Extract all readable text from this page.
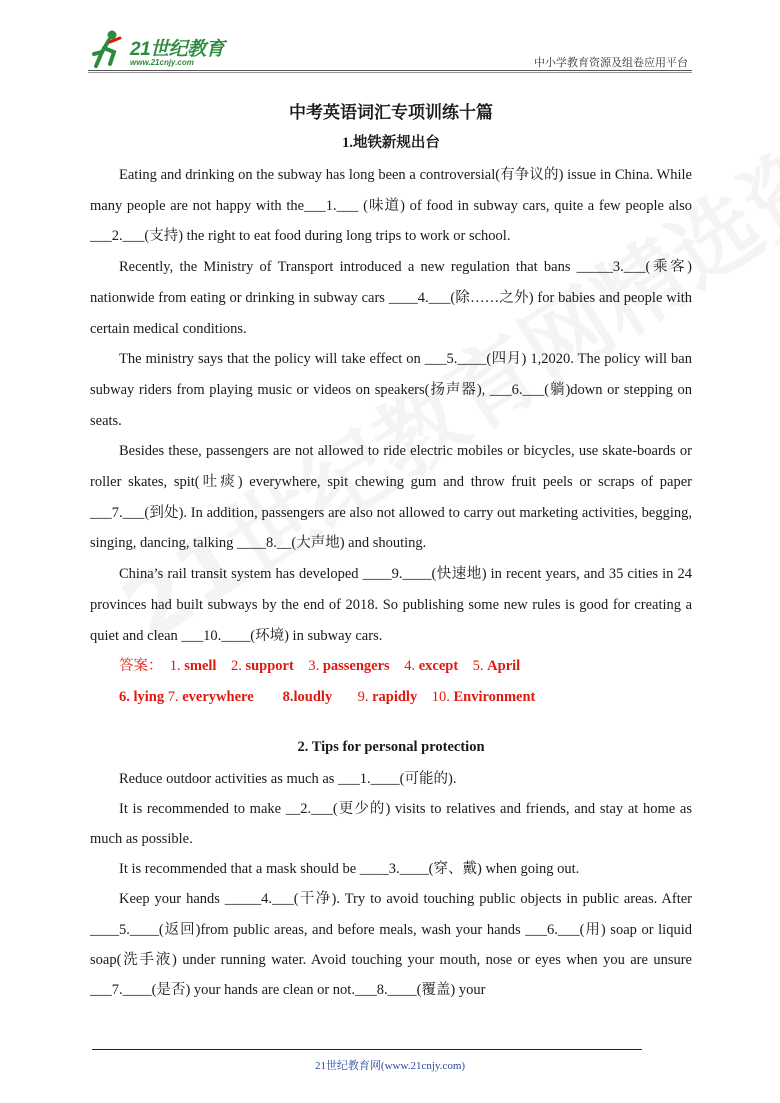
21世纪教育
www.21cnjy.com	中小学教育资源及组卷应用平台
中考英语词汇专项训练十篇
1.地铁新规出台

Eating and drinking on the subway has long been a controversial(有争议的) issue in China. While many people are not happy with the___1.___ (味道) of food in subway cars, quite a few people also ___2.___(支持) the right to eat food during long trips to work or school.

Recently, the Ministry of Transport introduced a new regulation that bans _____3.___(乘客) nationwide from eating or drinking in subway cars ____4.___(除……之外) for babies and people with certain medical conditions.

The ministry says that the policy will take effect on ___5.____(四月) 1,2020. The policy will ban subway riders from playing music or videos on speakers(扬声器), ___6.___(躺)down or stepping on seats.

Besides these, passengers are not allowed to ride electric mobiles or bicycles, use skate-boards or roller skates, spit(吐痰) everywhere, spit chewing gum and throw fruit peels or scraps of paper ___7.___(到处). In addition, passengers are also not allowed to carry out marketing activities, begging, singing, dancing, talking ____8.__(大声地) and shouting.

China’s rail transit system has developed ____9.____(快速地) in recent years, and 35 cities in 24 provinces had built subways by the end of 2018. So publishing some new rules is good for creating a quiet and clean ___10.____(环境) in subway cars.

答案： 1. smell 2. support 3. passengers 4. except 5. April

6. lying 7. everywhere 8.loudly 9. rapidly 10. Environment

2. Tips for personal protection

Reduce outdoor activities as much as ___1.____(可能的).

It is recommended to make __2.___(更少的) visits to relatives and friends, and stay at home as much as possible.

It is recommended that a mask should be ____3.____(穿、戴) when going out.

Keep your hands _____4.___(干净). Try to avoid touching public objects in public areas. After ____5.____(返回)from public areas, and before meals, wash your hands ___6.___(用) soap or liquid soap(洗手液) under running water. Avoid touching your mouth, nose or eyes when you are unsure ___7.____(是否) your hands are clean or not.___8.____(覆盖) your

21世纪教育网(www.21cnjy.com)
